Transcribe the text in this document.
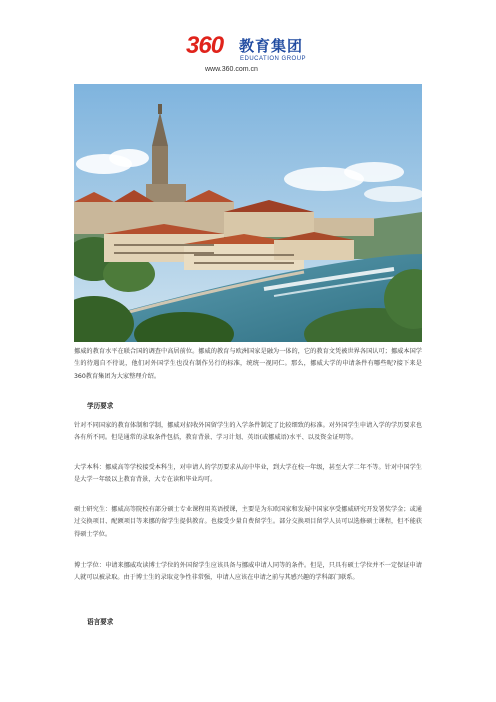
360 教育集团
EDUCATION GROUP
www.360.com.cn

挪威的教育水平在联合国的调查中高居前位。挪威的教育与欧洲国家是融为一体的，它的教育文凭被世界各国认可；挪威本国学生的待遇自不待说，他们对外国学生也没有制作另行的标准，统统一视同仁。那么，挪威大学的申请条件有哪些呢?接下来是360教育集团为大家整理介绍。

学历要求

针对不同国家的教育体制和学制，挪威对招收外国留学生的入学条件制定了比较细致的标准。对外国学生申请入学的学历要求也各有所不同。但是通常的录取条件包括，教育背景、学习计划、英语(或挪威语)水平、以及资金证明等。

大学本科：挪威高等学校接受本科生，对申请人的学历要求从高中毕业，到大学在校一年级，甚至大学二年不等。针对中国学生是大学一年级以上教育背景，大专在读和毕业均可。

硕士研究生：挪威高等院校有部分硕士专业课程用英语授课，主要是为东欧国家和发展中国家享受挪威研究开发署奖学金；或通过交换项目、配额项目等来挪的留学生提供教育。也接受少量自费留学生。部分交换项目留学人员可以选修硕士课程，但不能获得硕士学位。

博士学位：申请来挪威攻读博士学位的外国留学生应该具备与挪威申请人同等的条件。但是，只具有硕士学位并不一定保证申请人就可以被录取。由于博士生的录取竞争性非常强，申请人应该在申请之前与其感兴趣的学科部门联系。

语言要求
